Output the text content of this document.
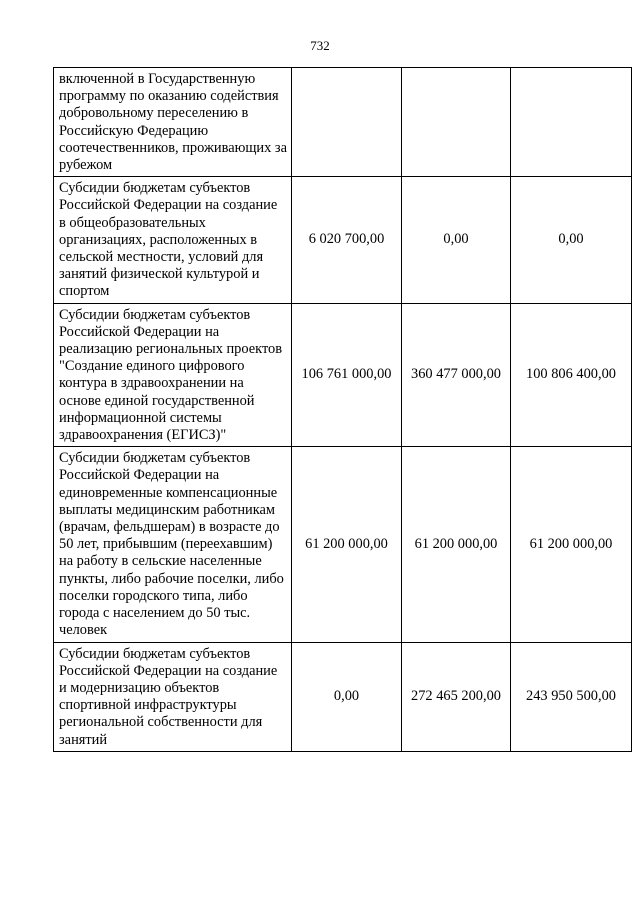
732
включенной в Государственную программу по оказанию содействия добровольному переселению в Российскую Федерацию соотечественников, проживающих за рубежом			
Субсидии бюджетам субъектов Российской Федерации на создание в общеобразовательных организациях, расположенных в сельской местности, условий для занятий физической культурой и спортом	6 020 700,00	0,00	0,00
Субсидии бюджетам субъектов Российской Федерации на реализацию региональных проектов "Создание единого цифрового контура в здравоохранении на основе единой государственной информационной системы здравоохранения (ЕГИСЗ)"	106 761 000,00	360 477 000,00	100 806 400,00
Субсидии бюджетам субъектов Российской Федерации на единовременные компенсационные выплаты медицинским работникам (врачам, фельдшерам) в возрасте до 50 лет, прибывшим (переехавшим) на работу в сельские населенные пункты, либо рабочие поселки, либо поселки городского типа, либо города с населением до 50 тыс. человек	61 200 000,00	61 200 000,00	61 200 000,00
Субсидии бюджетам субъектов Российской Федерации на создание и модернизацию объектов спортивной инфраструктуры региональной собственности для занятий	0,00	272 465 200,00	243 950 500,00
